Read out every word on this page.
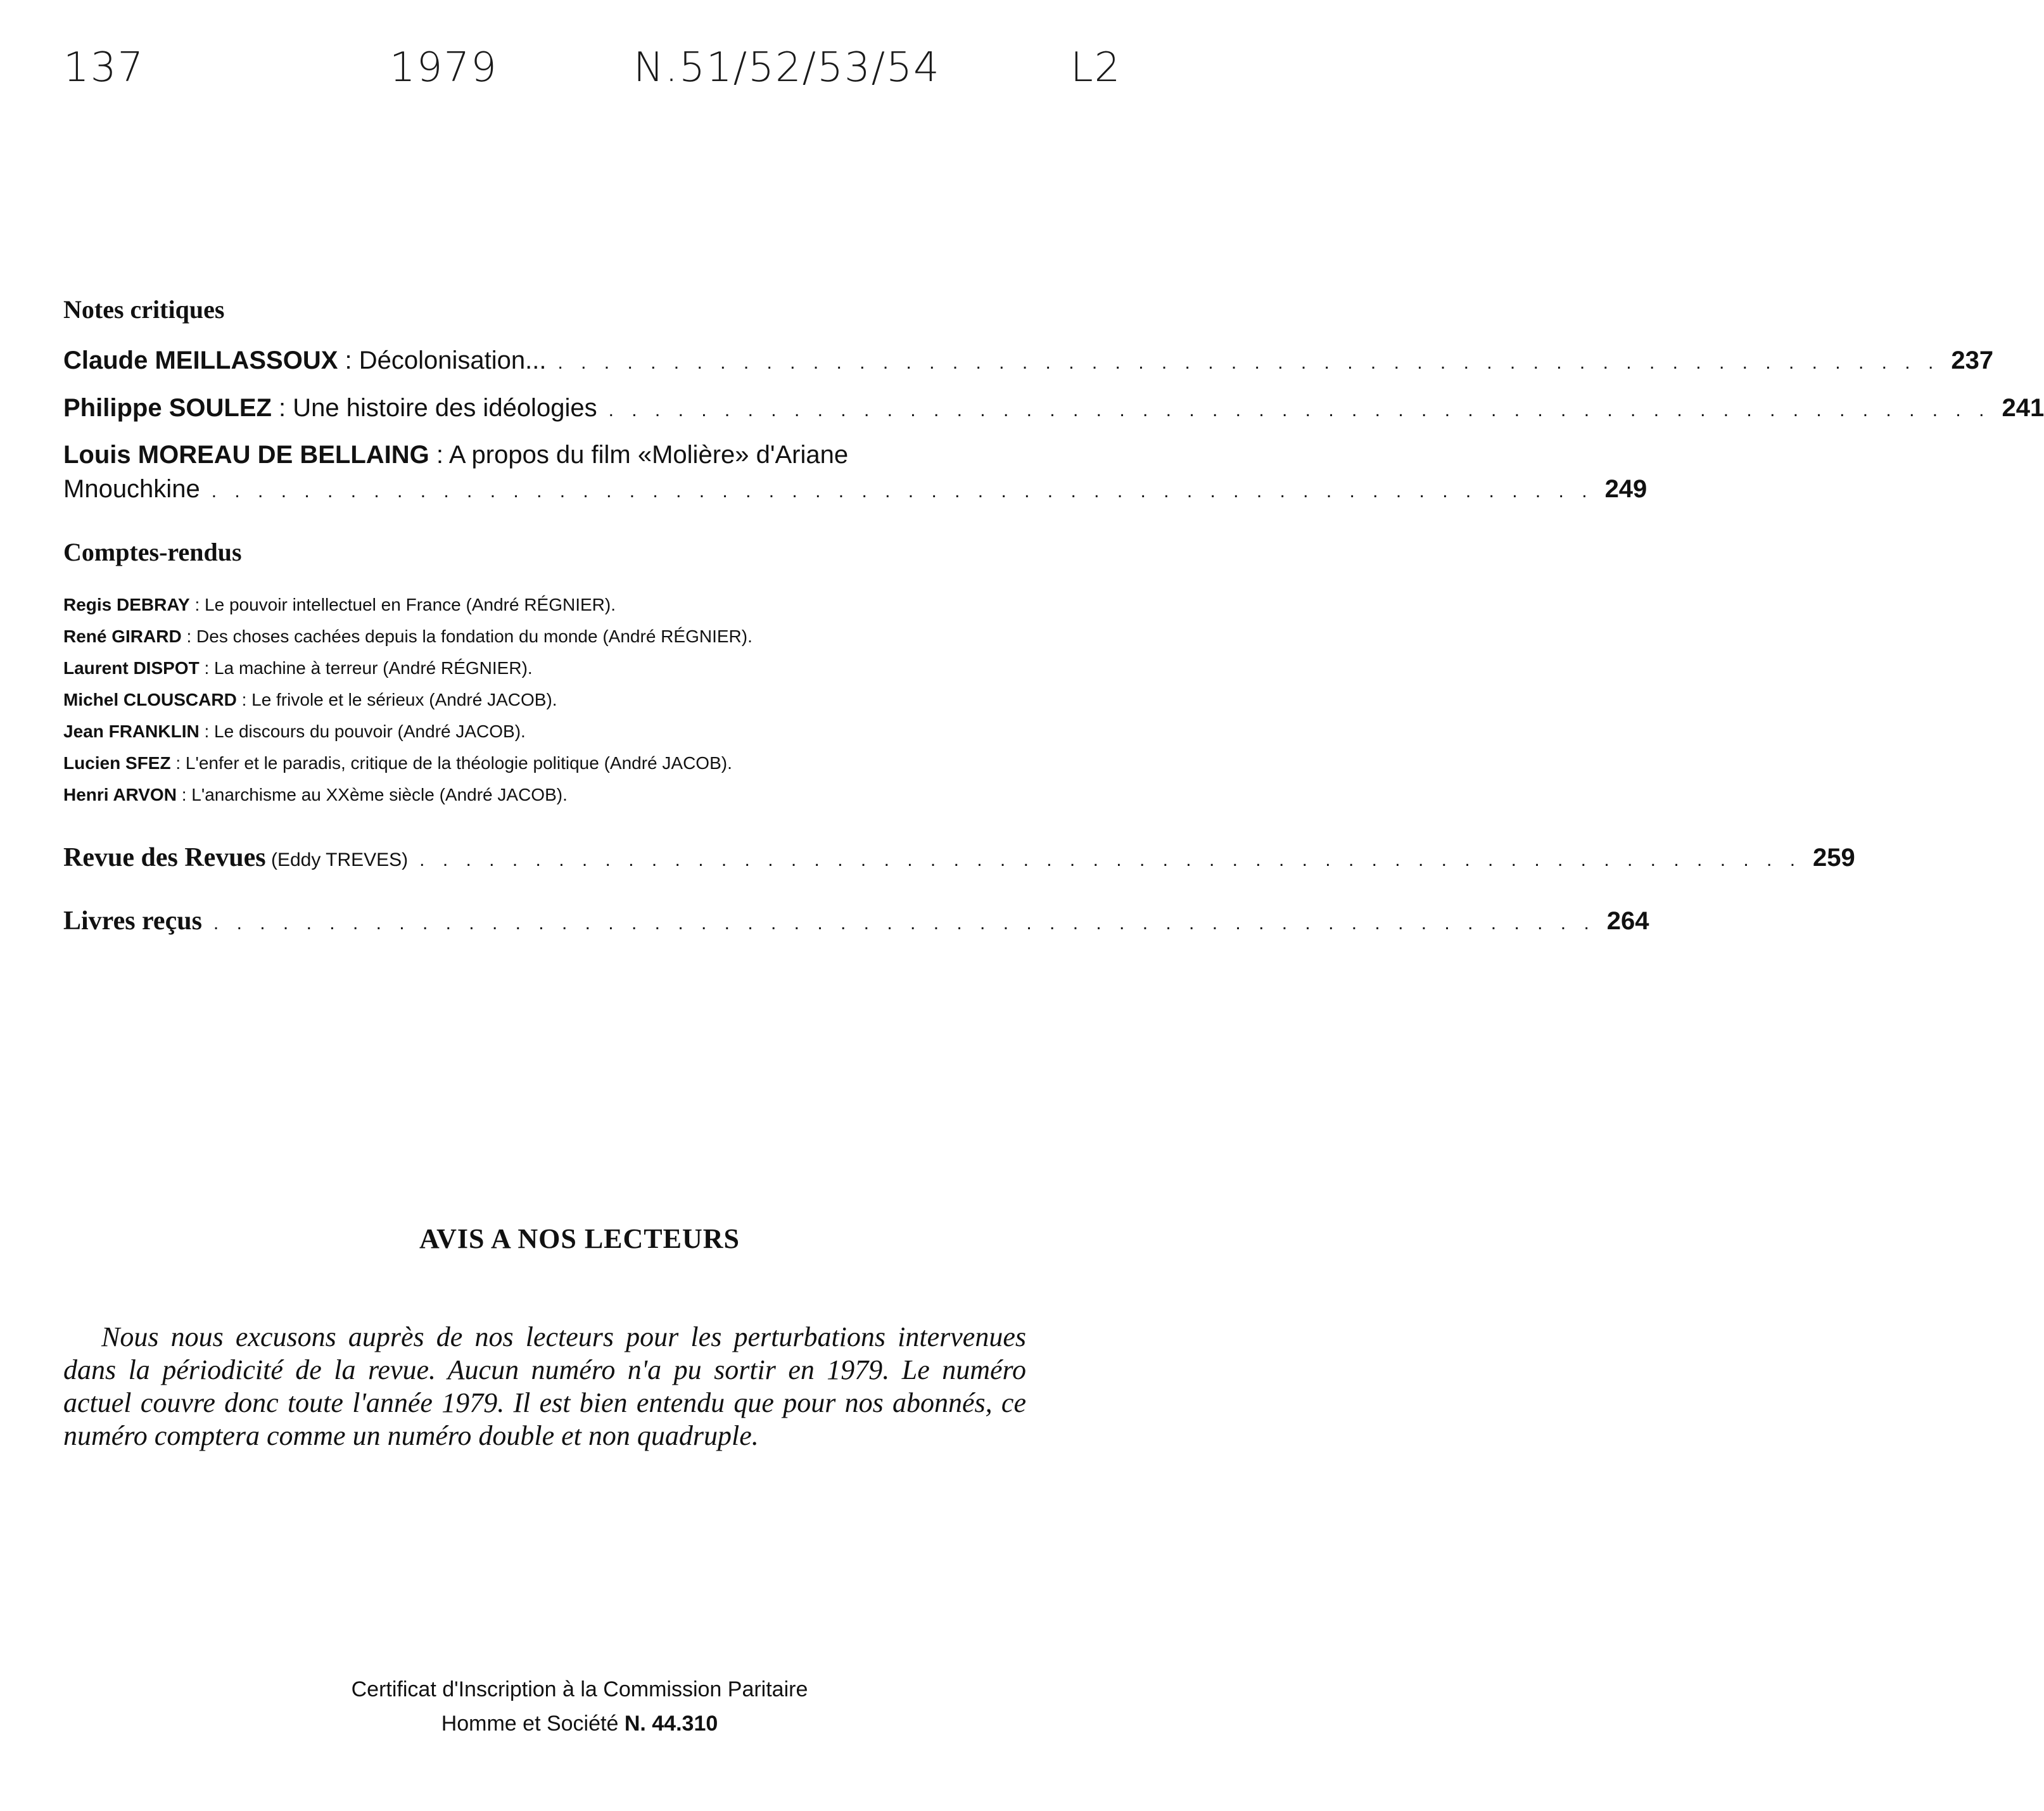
137	1979	N.51/52/53/54	L2
Notes critiques
Claude MEILLASSOUX : Décolonisation... . . . . . . . . . . . . . . . . . . . . . . . . . . . . . . . . . . . . . . . . . . . . . . . . . . . . . . . . . . . . 237
Philippe SOULEZ : Une histoire des idéologies . . . . . . . . . . . . . . . . . . . . . . . . . . . . . . . . . . . . . . . . . . . . . . . . . . . . . . . . . . . . 241
Louis MOREAU DE BELLAING : A propos du film «Molière» d'Ariane
Mnouchkine . . . . . . . . . . . . . . . . . . . . . . . . . . . . . . . . . . . . . . . . . . . . . . . . . . . . . . . . . . . . 249
Comptes-rendus
Regis DEBRAY : Le pouvoir intellectuel en France (André RÉGNIER).
René GIRARD : Des choses cachées depuis la fondation du monde (André RÉGNIER).
Laurent DISPOT : La machine à terreur (André RÉGNIER).
Michel CLOUSCARD : Le frivole et le sérieux (André JACOB).
Jean FRANKLIN : Le discours du pouvoir (André JACOB).
Lucien SFEZ : L'enfer et le paradis, critique de la théologie politique (André JACOB).
Henri ARVON : L'anarchisme au XXème siècle (André JACOB).
Revue des Revues (Eddy TREVES) . . . . . . . . . . . . . . . . . . . . . . . . . . . . . . . . . . . . . . . . . . . . . . . . . . . . . . . . . . . . 259
Livres reçus . . . . . . . . . . . . . . . . . . . . . . . . . . . . . . . . . . . . . . . . . . . . . . . . . . . . . . . . . . . . 264
AVIS A NOS LECTEURS

Nous nous excusons auprès de nos lecteurs pour les perturbations intervenues dans la périodicité de la revue. Aucun numéro n'a pu sortir en 1979. Le numéro actuel couvre donc toute l'année 1979. Il est bien entendu que pour nos abonnés, ce numéro comptera comme un numéro double et non quadruple.

Certificat d'Inscription à la Commission Paritaire
Homme et Société N. 44.310
